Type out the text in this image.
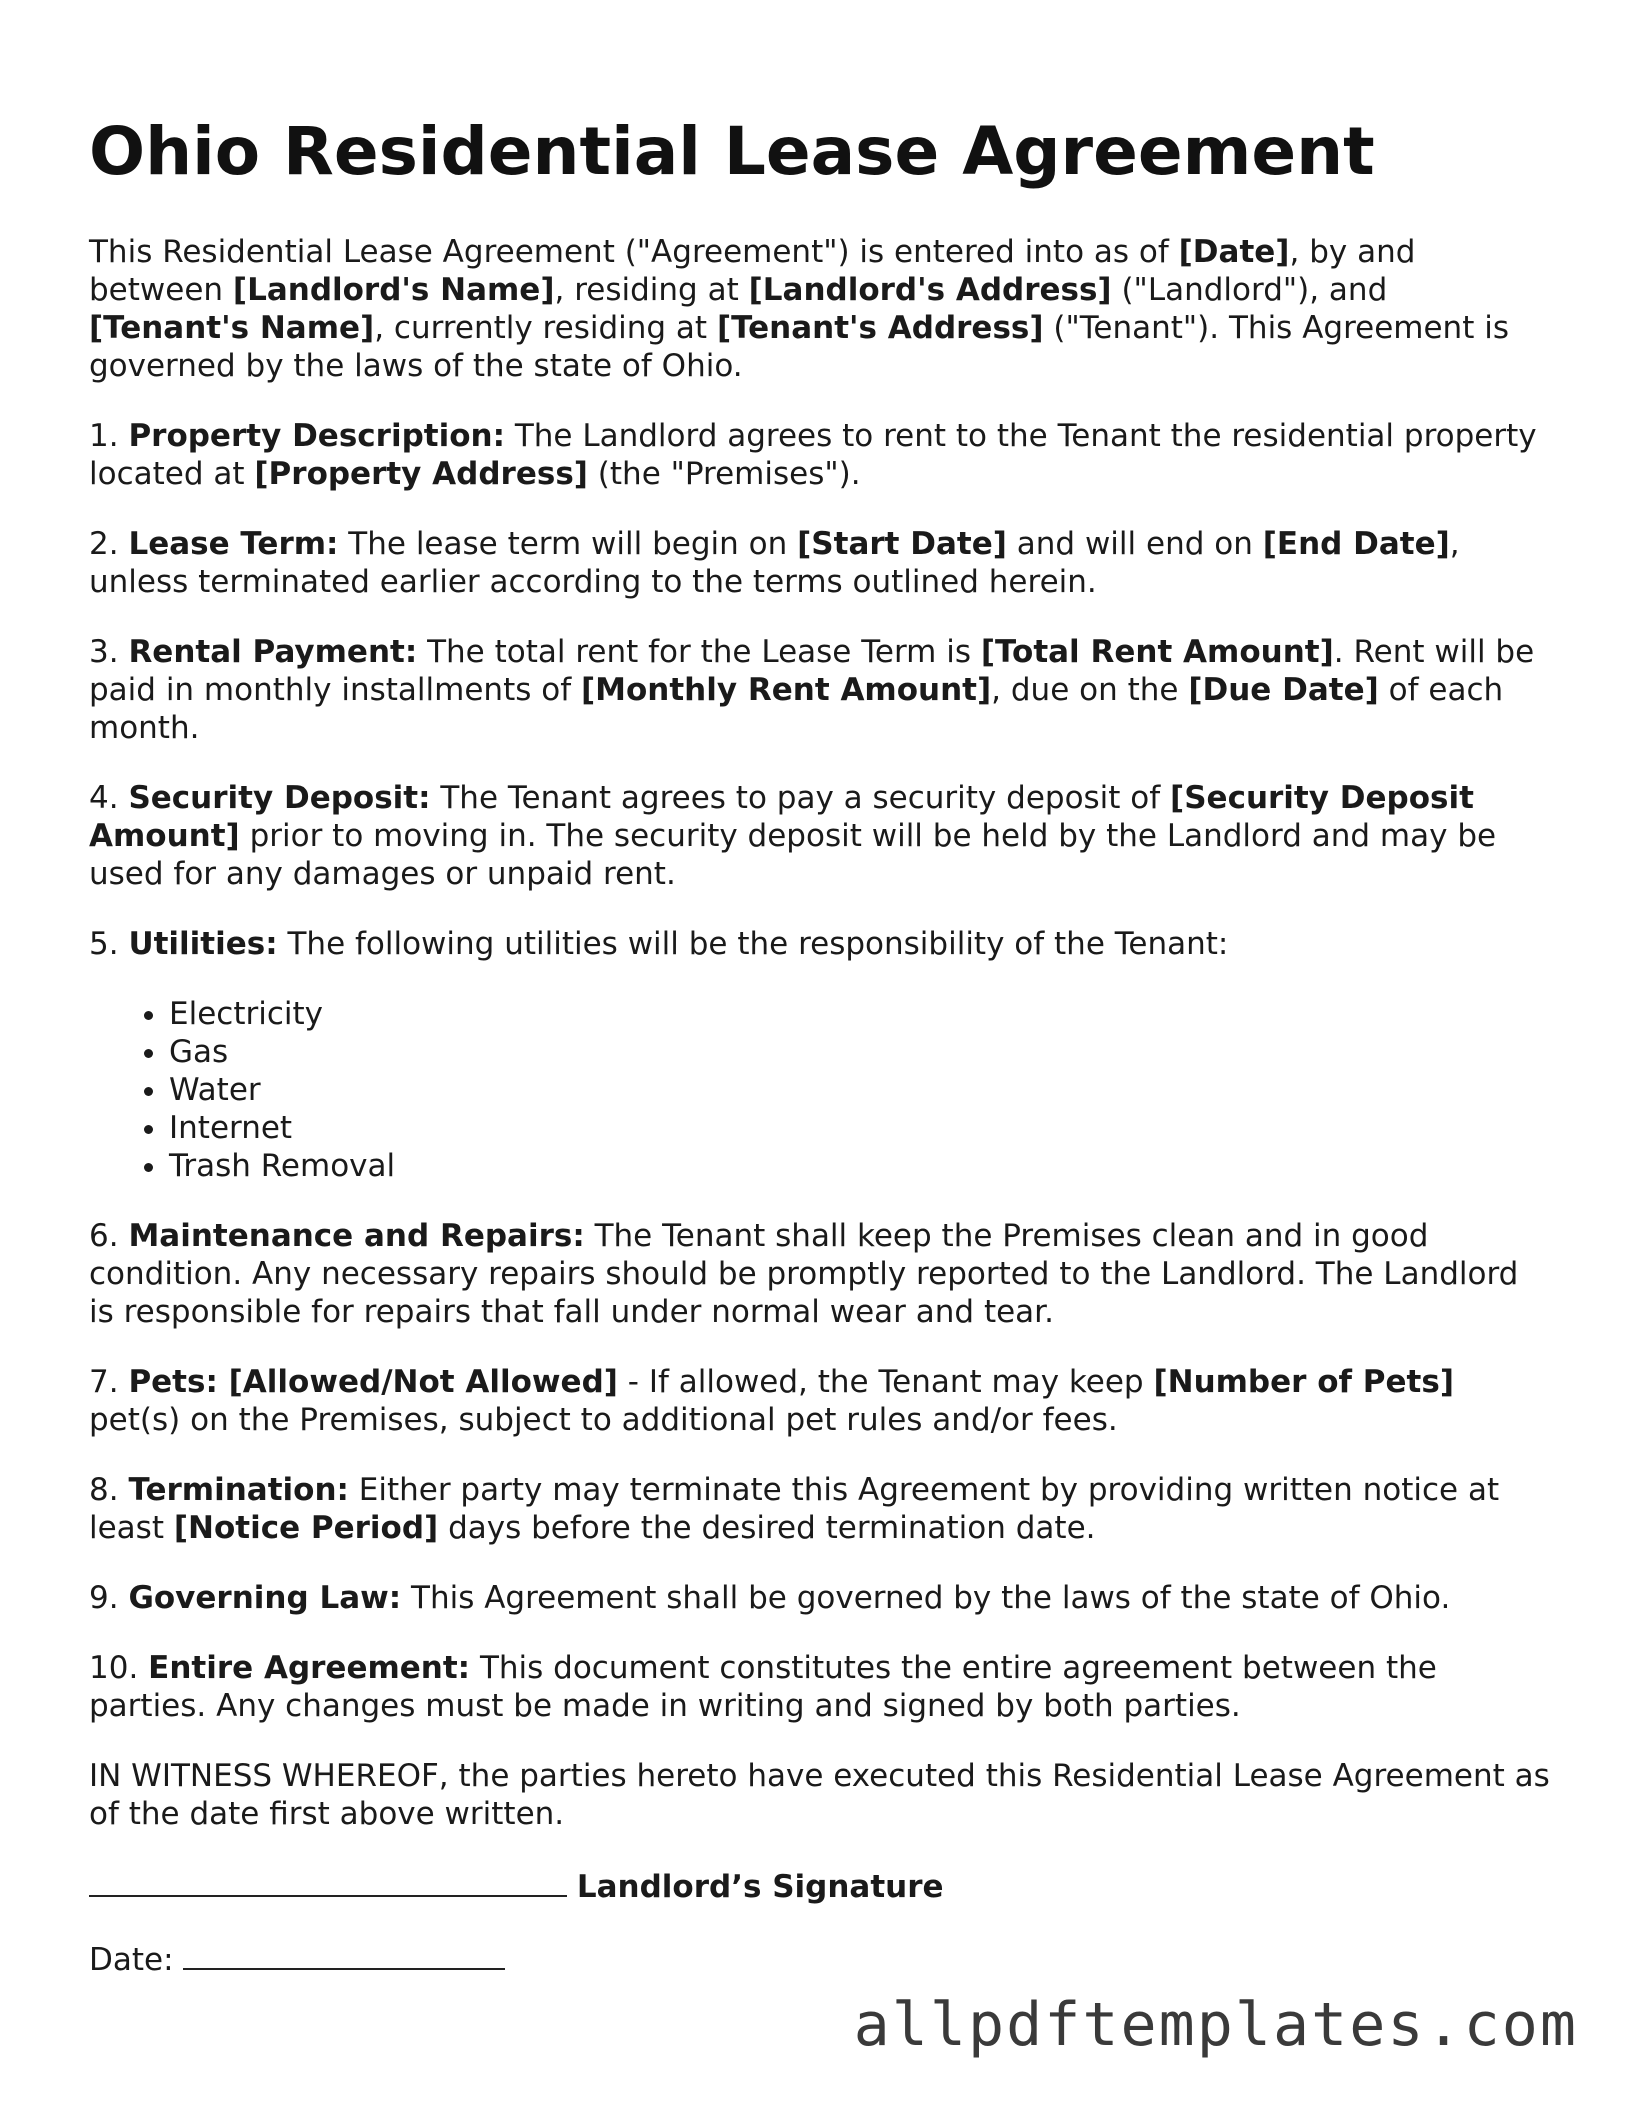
Ohio Residential Lease Agreement

This Residential Lease Agreement ("Agreement") is entered into as of [Date], by and between [Landlord's Name], residing at [Landlord's Address] ("Landlord"), and [Tenant's Name], currently residing at [Tenant's Address] ("Tenant"). This Agreement is governed by the laws of the state of Ohio.

1. Property Description: The Landlord agrees to rent to the Tenant the residential property located at [Property Address] (the "Premises").

2. Lease Term: The lease term will begin on [Start Date] and will end on [End Date], unless terminated earlier according to the terms outlined herein.

3. Rental Payment: The total rent for the Lease Term is [Total Rent Amount]. Rent will be paid in monthly installments of [Monthly Rent Amount], due on the [Due Date] of each month.

4. Security Deposit: The Tenant agrees to pay a security deposit of [Security Deposit Amount] prior to moving in. The security deposit will be held by the Landlord and may be used for any damages or unpaid rent.

5. Utilities: The following utilities will be the responsibility of the Tenant:

• Electricity
• Gas
• Water
• Internet
• Trash Removal

6. Maintenance and Repairs: The Tenant shall keep the Premises clean and in good condition. Any necessary repairs should be promptly reported to the Landlord. The Landlord is responsible for repairs that fall under normal wear and tear.

7. Pets: [Allowed/Not Allowed] - If allowed, the Tenant may keep [Number of Pets] pet(s) on the Premises, subject to additional pet rules and/or fees.

8. Termination: Either party may terminate this Agreement by providing written notice at least [Notice Period] days before the desired termination date.

9. Governing Law: This Agreement shall be governed by the laws of the state of Ohio.

10. Entire Agreement: This document constitutes the entire agreement between the parties. Any changes must be made in writing and signed by both parties.

IN WITNESS WHEREOF, the parties hereto have executed this Residential Lease Agreement as of the date first above written.

Landlord’s Signature
Date:
allpdftemplates.com
